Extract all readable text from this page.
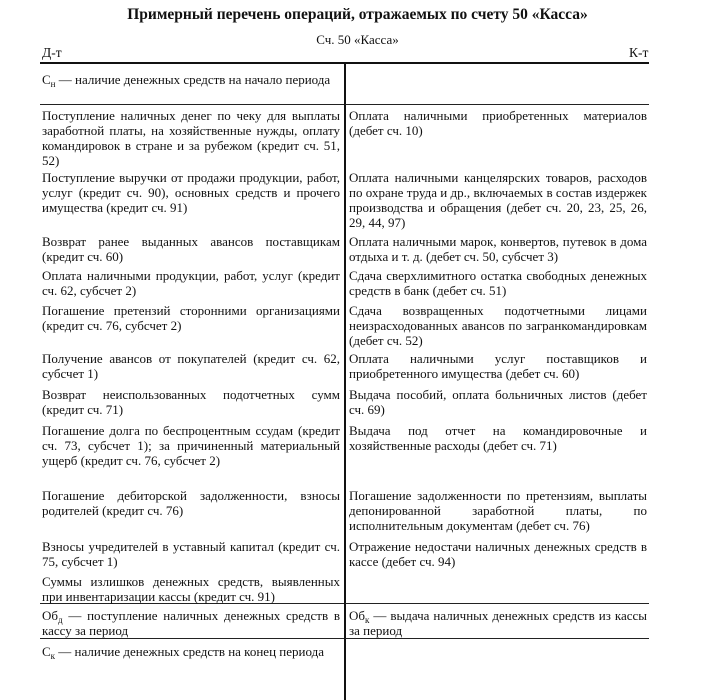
Примерный перечень операций, отражаемых по счету 50 «Касса»
Сч. 50 «Касса»
Д-т	К-т
$С_н$ — наличие денежных средств на начало периода
Поступление наличных денег по чеку для выплаты заработной платы, на хозяйственные нужды, оплату командировок в стране и за рубежом (кредит сч. 51, 52)
Поступление выручки от продажи продукции, работ, услуг (кредит сч. 90), основных средств и прочего имущества (кредит сч. 91)
Возврат ранее выданных авансов поставщикам (кредит сч. 60)
Оплата наличными продукции, работ, услуг (кредит сч. 62, субсчет 2)
Погашение претензий сторонними организациями (кредит сч. 76, субсчет 2)
Получение авансов от покупателей (кредит сч. 62, субсчет 1)
Возврат неиспользованных подотчетных сумм (кредит сч. 71)
Погашение долга по беспроцентным ссудам (кредит сч. 73, субсчет 1); за причиненный материальный ущерб (кредит сч. 76, субсчет 2)
Погашение дебиторской задолженности, взносы родителей (кредит сч. 76)
Взносы учредителей в уставный капитал (кредит сч. 75, субсчет 1)
Суммы излишков денежных средств, выявленных при инвентаризации кассы (кредит сч. 91)
Оплата наличными приобретенных материалов (дебет сч. 10)
Оплата наличными канцелярских товаров, расходов по охране труда и др., включаемых в состав издержек производства и обращения (дебет сч. 20, 23, 25, 26, 29, 44, 97)
Оплата наличными марок, конвертов, путевок в дома отдыха и т. д. (дебет сч. 50, субсчет 3)
Сдача сверхлимитного остатка свободных денежных средств в банк (дебет сч. 51)
Сдача возвращенных подотчетными лицами неизрасходованных авансов по загранкомандировкам (дебет сч. 52)
Оплата наличными услуг поставщиков и приобретенного имущества (дебет сч. 60)
Выдача пособий, оплата больничных листов (дебет сч. 69)
Выдача под отчет на командировочные и хозяйственные расходы (дебет сч. 71)
Погашение задолженности по претензиям, выплаты депонированной заработной платы, по исполнительным документам (дебет сч. 76)
Отражение недостачи наличных денежных средств в кассе (дебет сч. 94)
$Об_д$ — поступление наличных денежных средств в кассу за период
$Об_к$ — выдача наличных денежных средств из кассы за период
$С_к$ — наличие денежных средств на конец периода
